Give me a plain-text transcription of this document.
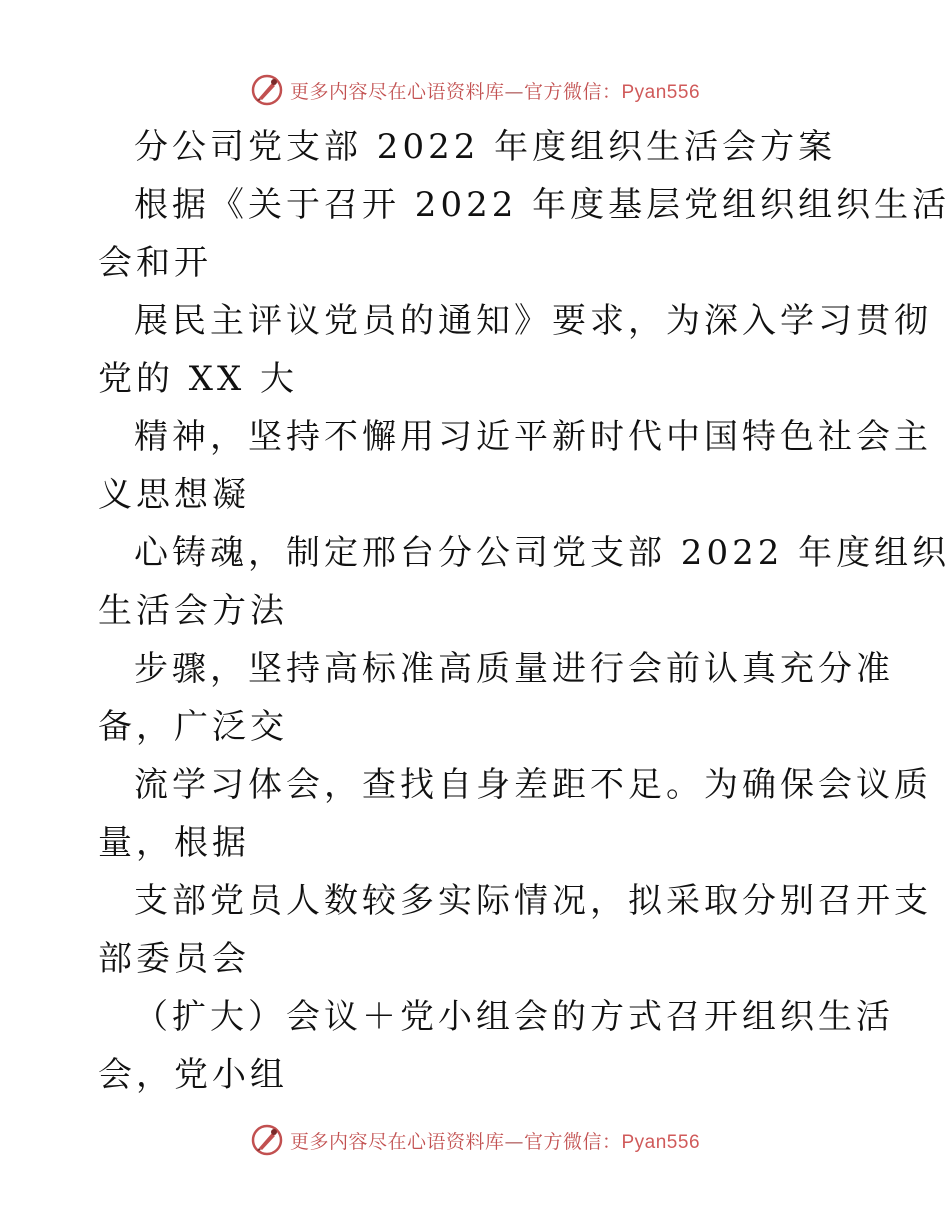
更多内容尽在心语资料库—官方微信：Pyan556
分公司党支部 2022 年度组织生活会方案
根据《关于召开 2022 年度基层党组织组织生活
会和开
展民主评议党员的通知》要求，为深入学习贯彻
党的 XX 大
精神，坚持不懈用习近平新时代中国特色社会主
义思想凝
心铸魂，制定邢台分公司党支部 2022 年度组织
生活会方法
步骤，坚持高标准高质量进行会前认真充分准
备，广泛交
流学习体会，查找自身差距不足。为确保会议质
量，根据
支部党员人数较多实际情况，拟采取分别召开支
部委员会
（扩大）会议＋党小组会的方式召开组织生活
会，党小组
更多内容尽在心语资料库—官方微信：Pyan556
